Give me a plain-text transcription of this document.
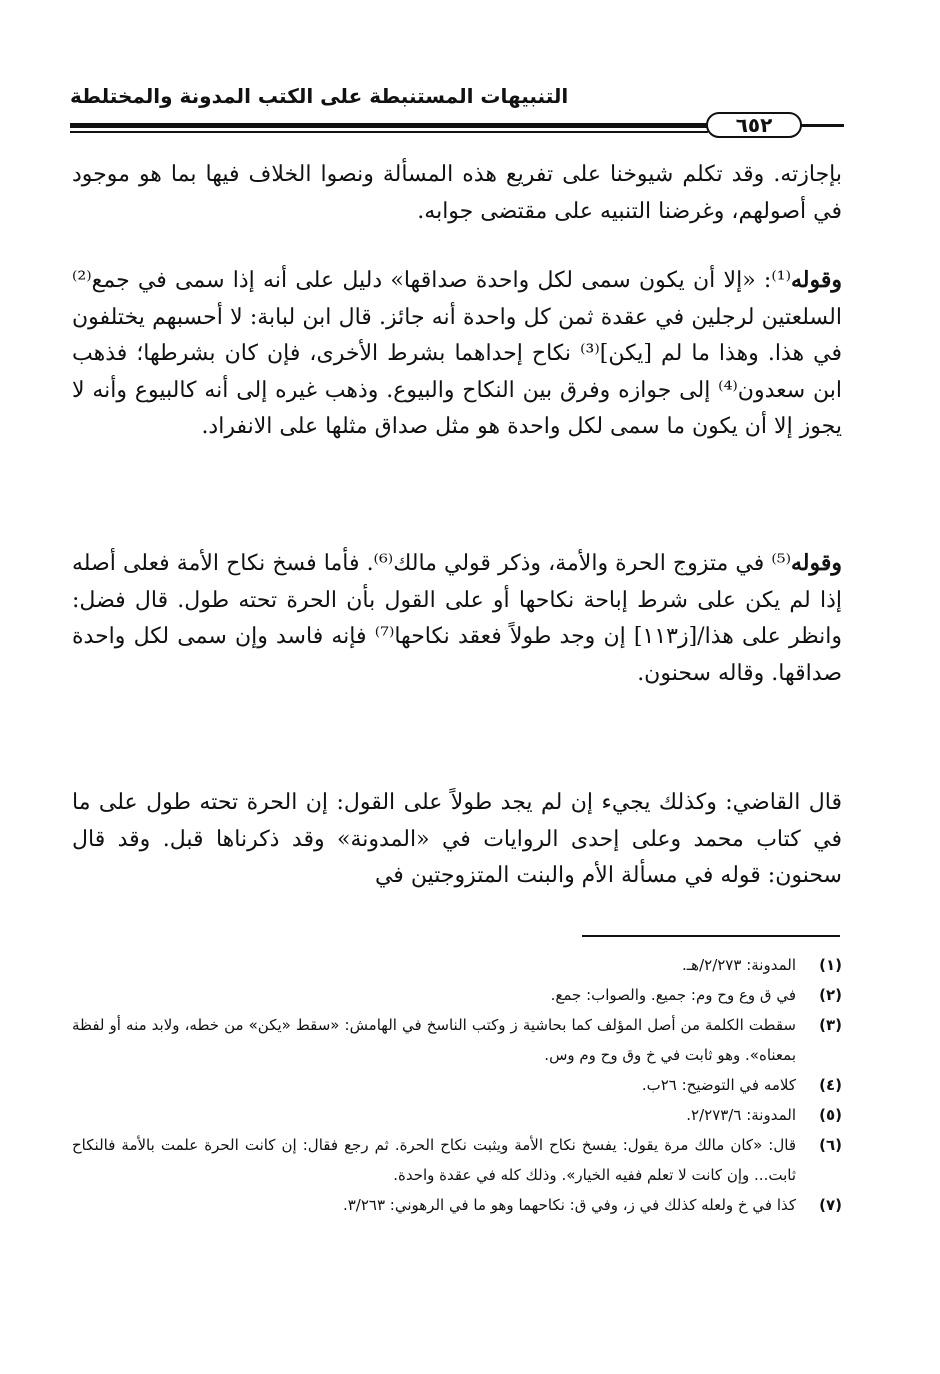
التنبيهات المستنبطة على الكتب المدونة والمختلطة
٦٥٢

بإجازته. وقد تكلم شيوخنا على تفريع هذه المسألة ونصوا الخلاف فيها بما هو موجود في أصولهم، وغرضنا التنبيه على مقتضى جوابه.

وقوله⁽¹⁾: «إلا أن يكون سمى لكل واحدة صداقها» دليل على أنه إذا سمى في جمع⁽²⁾ السلعتين لرجلين في عقدة ثمن كل واحدة أنه جائز. قال ابن لبابة: لا أحسبهم يختلفون في هذا. وهذا ما لم [يكن]⁽³⁾ نكاح إحداهما بشرط الأخرى، فإن كان بشرطها؛ فذهب ابن سعدون⁽⁴⁾ إلى جوازه وفرق بين النكاح والبيوع. وذهب غيره إلى أنه كالبيوع وأنه لا يجوز إلا أن يكون ما سمى لكل واحدة هو مثل صداق مثلها على الانفراد.

وقوله⁽⁵⁾ في متزوج الحرة والأمة، وذكر قولي مالك⁽⁶⁾. فأما فسخ نكاح الأمة فعلى أصله إذا لم يكن على شرط إباحة نكاحها أو على القول بأن الحرة تحته طول. قال فضل: وانظر على هذا/[ز١١٣] إن وجد طولاً فعقد نكاحها⁽⁷⁾ فإنه فاسد وإن سمى لكل واحدة صداقها. وقاله سحنون.

قال القاضي: وكذلك يجيء إن لم يجد طولاً على القول: إن الحرة تحته طول على ما في كتاب محمد وعلى إحدى الروايات في «المدونة» وقد ذكرناها قبل. وقد قال سحنون: قوله في مسألة الأم والبنت المتزوجتين في

(١)
المدونة: ٢/٢٧٣/هـ.
(٢)
في ق وع وح وم: جميع. والصواب: جمع.
(٣)
سقطت الكلمة من أصل المؤلف كما بحاشية ز وكتب الناسخ في الهامش: «سقط «يكن» من خطه، ولابد منه أو لفظة بمعناه». وهو ثابت في خ وق وح وم وس.
(٤)
كلامه في التوضيح: ٢٦ب.
(٥)
المدونة: ٢/٢٧٣/٦.
(٦)
قال: «كان مالك مرة يقول: يفسخ نكاح الأمة ويثبت نكاح الحرة. ثم رجع فقال: إن كانت الحرة علمت بالأمة فالنكاح ثابت... وإن كانت لا تعلم ففيه الخيار». وذلك كله في عقدة واحدة.
(٧)
كذا في خ ولعله كذلك في ز، وفي ق: نكاحهما وهو ما في الرهوني: ٣/٢٦٣.
